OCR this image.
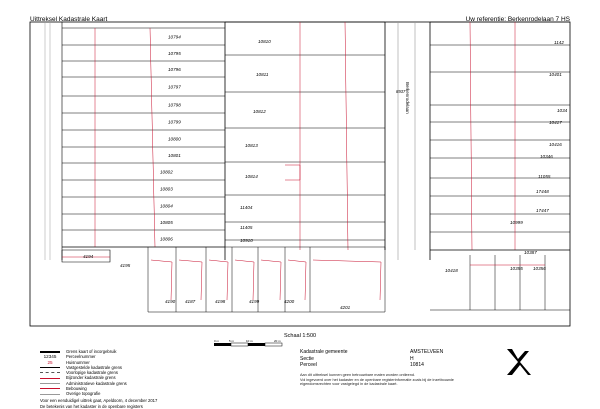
Uittreksel Kadastrale Kaart	Uw referentie: Berkenrodelaan 7 HS
10794
10795
10796
10797
10798
10799
10800
10801
10802
10803
10804
10805
10806
10810
10811
10812
10813
10814
11404
11405
10910
8937
1142
10401
1034
10417
10416
10346
11055
17448
17447
10999
4194
4195
4190 4187	4198	4199	4200
4201
10418	10355 10356
10387
Berkenrodelaan
0 m	5 m	10 m	20 m
Schaal 1:500
Grens kaart of incorgebruik
12345	Perceelnummer
25	Huisnummer
Vastgestelde kadastrale grens
Voorlopige kadastrale grens
Bijzonder kadastrale grens
Administratieve kadastrale grens
Bebouwing
Overige topografie
Voor een eenduidigel uittrek gaat, Apeldoorn, 4 december 2017
De betekenis van het kadaster in de openbare registers
Kadastrale gemeente	AMSTELVEEN
Sectie	H
Perceel	10814
Aan dit uittreksel kunnen geen betrouwbare maten worden ontleend.
Vol ingevoerd over het kadaster en de openbare registerinformatie zoals bij de inzetbouwde
eigendomsrechten voor vastgelegd in de kadastrale kaart.
